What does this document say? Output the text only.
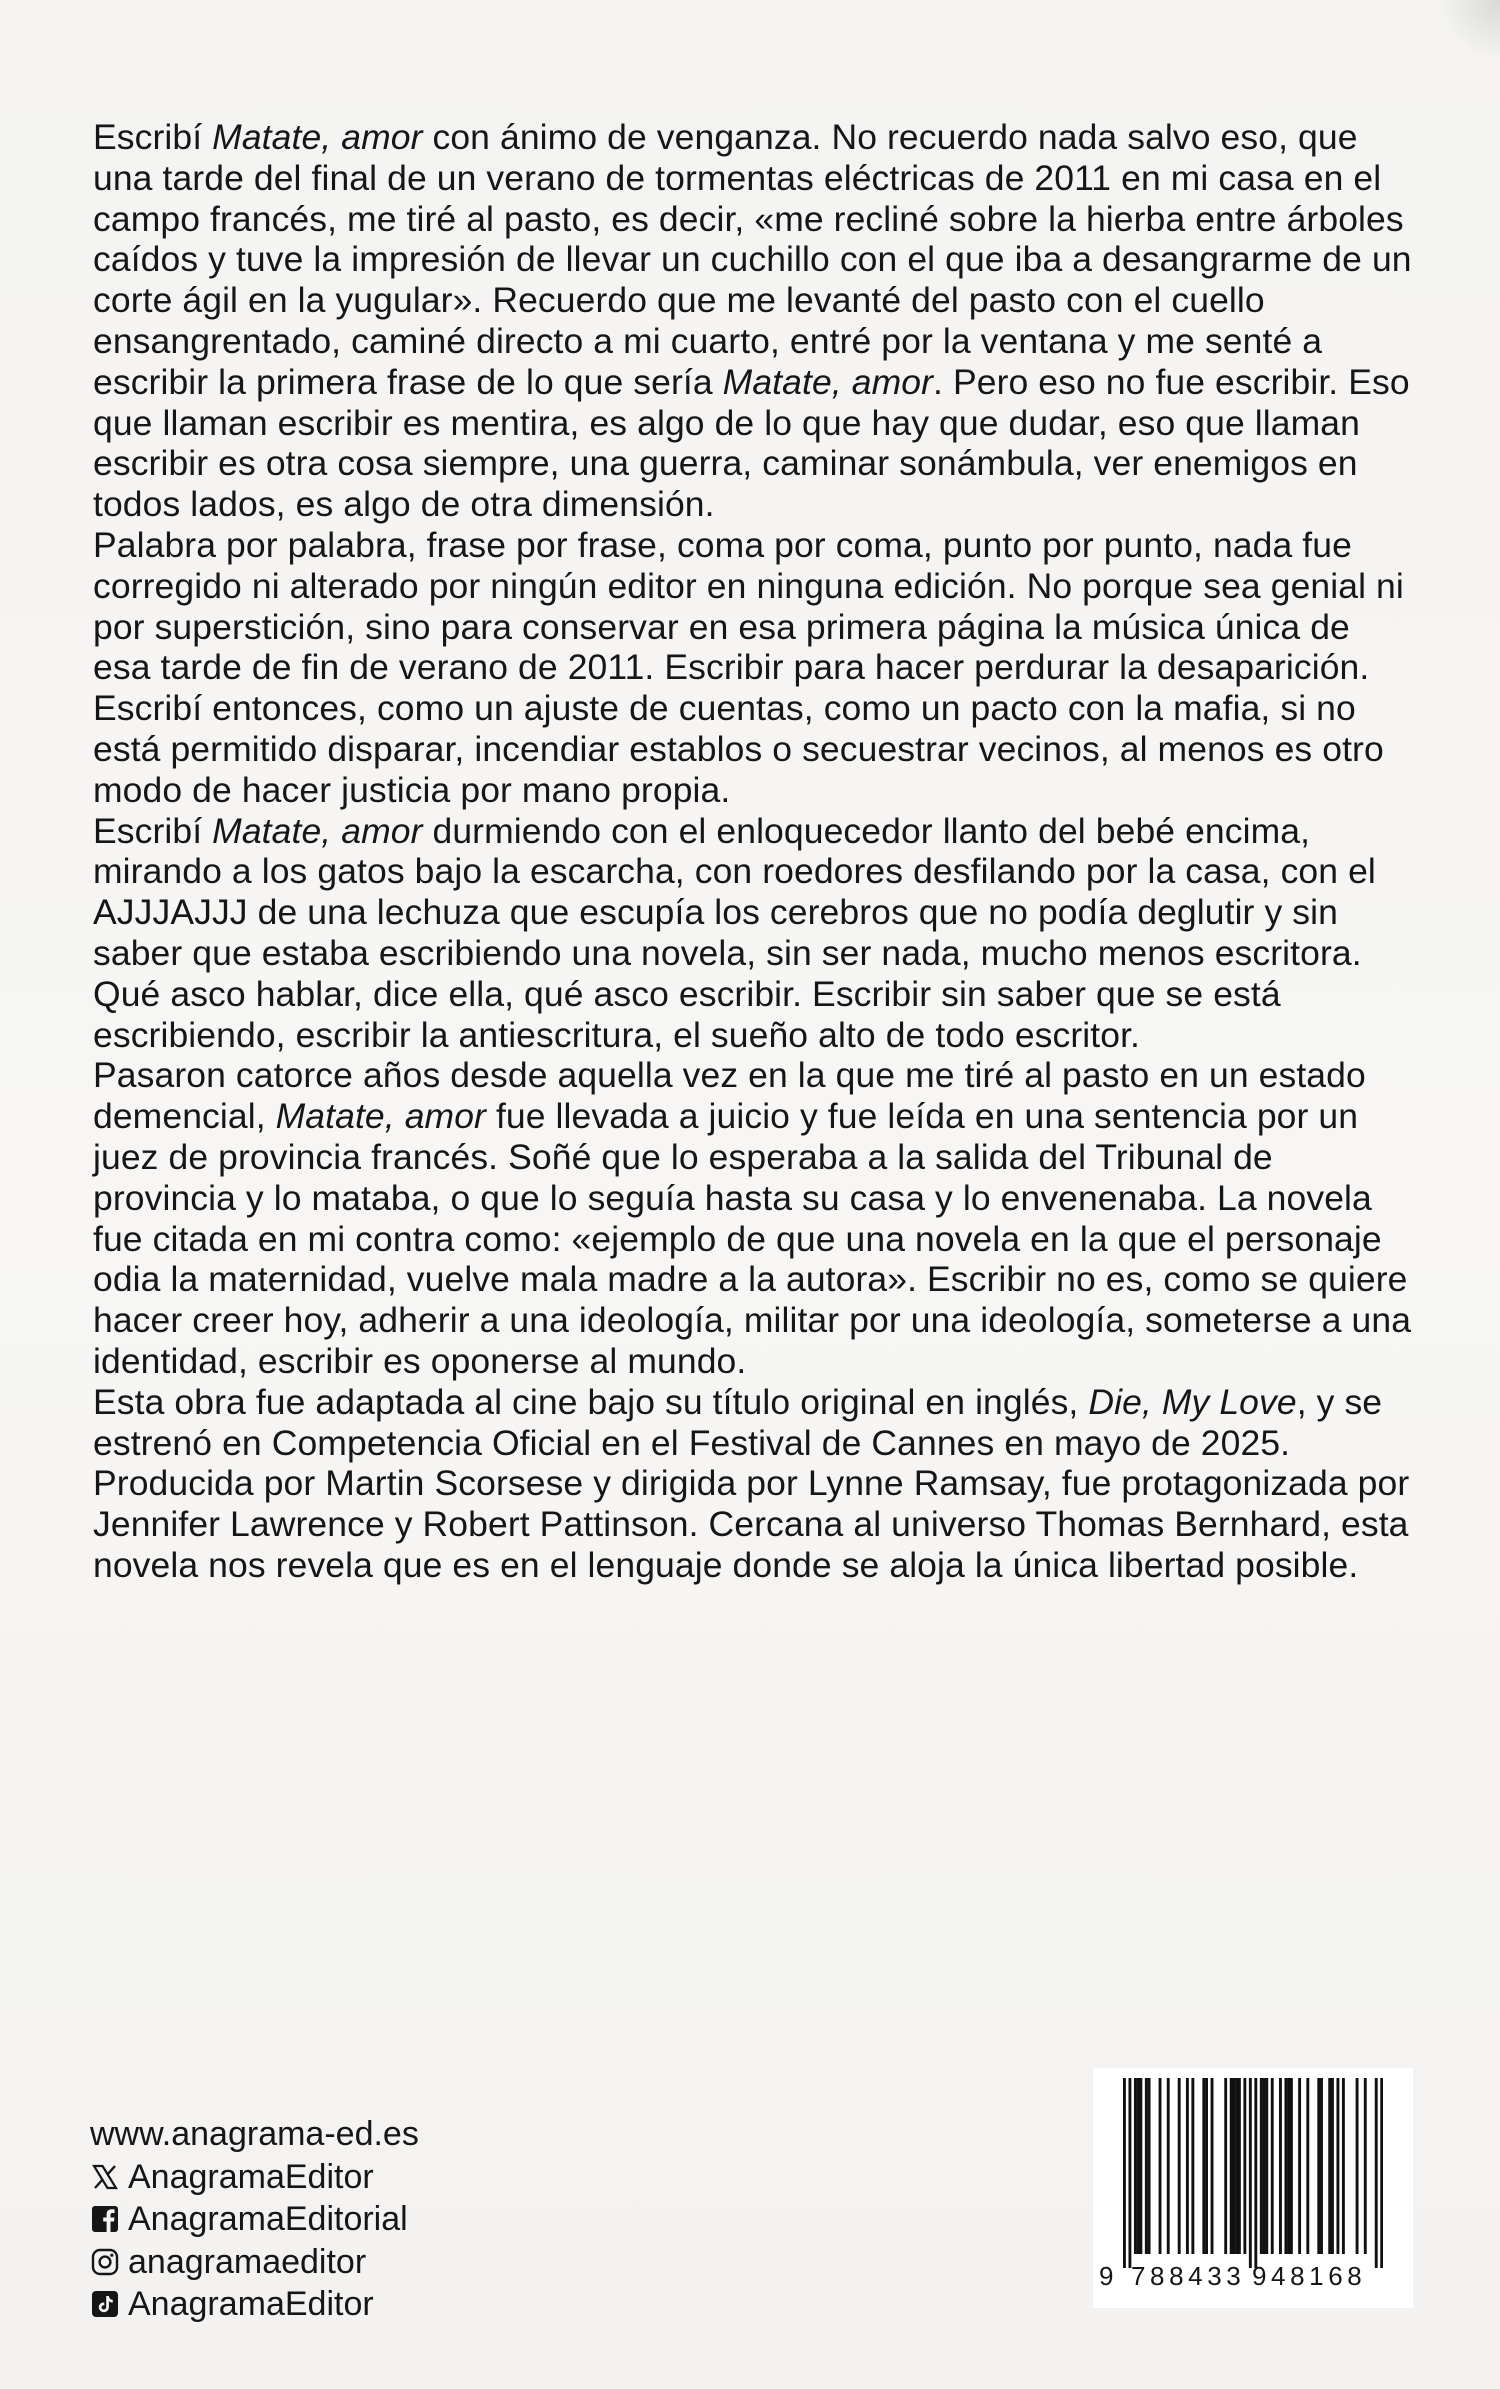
Escribí Matate, amor con ánimo de venganza. No recuerdo nada salvo eso, que una tarde del final de un verano de tormentas eléctricas de 2011 en mi casa en el campo francés, me tiré al pasto, es decir, «me recliné sobre la hierba entre árboles caídos y tuve la impresión de llevar un cuchillo con el que iba a desangrarme de un corte ágil en la yugular». Recuerdo que me levanté del pasto con el cuello ensangrentado, caminé directo a mi cuarto, entré por la ventana y me senté a escribir la primera frase de lo que sería Matate, amor. Pero eso no fue escribir. Eso que llaman escribir es mentira, es algo de lo que hay que dudar, eso que llaman escribir es otra cosa siempre, una guerra, caminar sonámbula, ver enemigos en todos lados, es algo de otra dimensión.

Palabra por palabra, frase por frase, coma por coma, punto por punto, nada fue corregido ni alterado por ningún editor en ninguna edición. No porque sea genial ni por superstición, sino para conservar en esa primera página la música única de esa tarde de fin de verano de 2011. Escribir para hacer perdurar la desaparición. Escribí entonces, como un ajuste de cuentas, como un pacto con la mafia, si no está permitido disparar, incendiar establos o secuestrar vecinos, al menos es otro modo de hacer justicia por mano propia.

Escribí Matate, amor durmiendo con el enloquecedor llanto del bebé encima, mirando a los gatos bajo la escarcha, con roedores desfilando por la casa, con el AJJJAJJJ de una lechuza que escupía los cerebros que no podía deglutir y sin saber que estaba escribiendo una novela, sin ser nada, mucho menos escritora. Qué asco hablar, dice ella, qué asco escribir. Escribir sin saber que se está escribiendo, escribir la antiescritura, el sueño alto de todo escritor.

Pasaron catorce años desde aquella vez en la que me tiré al pasto en un estado demencial, Matate, amor fue llevada a juicio y fue leída en una sentencia por un juez de provincia francés. Soñé que lo esperaba a la salida del Tribunal de provincia y lo mataba, o que lo seguía hasta su casa y lo envenenaba. La novela fue citada en mi contra como: «ejemplo de que una novela en la que el personaje odia la maternidad, vuelve mala madre a la autora». Escribir no es, como se quiere hacer creer hoy, adherir a una ideología, militar por una ideología, someterse a una identidad, escribir es oponerse al mundo.

Esta obra fue adaptada al cine bajo su título original en inglés, Die, My Love, y se estrenó en Competencia Oficial en el Festival de Cannes en mayo de 2025. Producida por Martin Scorsese y dirigida por Lynne Ramsay, fue protagonizada por Jennifer Lawrence y Robert Pattinson. Cercana al universo Thomas Bernhard, esta novela nos revela que es en el lenguaje donde se aloja la única libertad posible.

www.anagrama-ed.es
AnagramaEditor
AnagramaEditorial
anagramaeditor
AnagramaEditor
9 788433 948168
